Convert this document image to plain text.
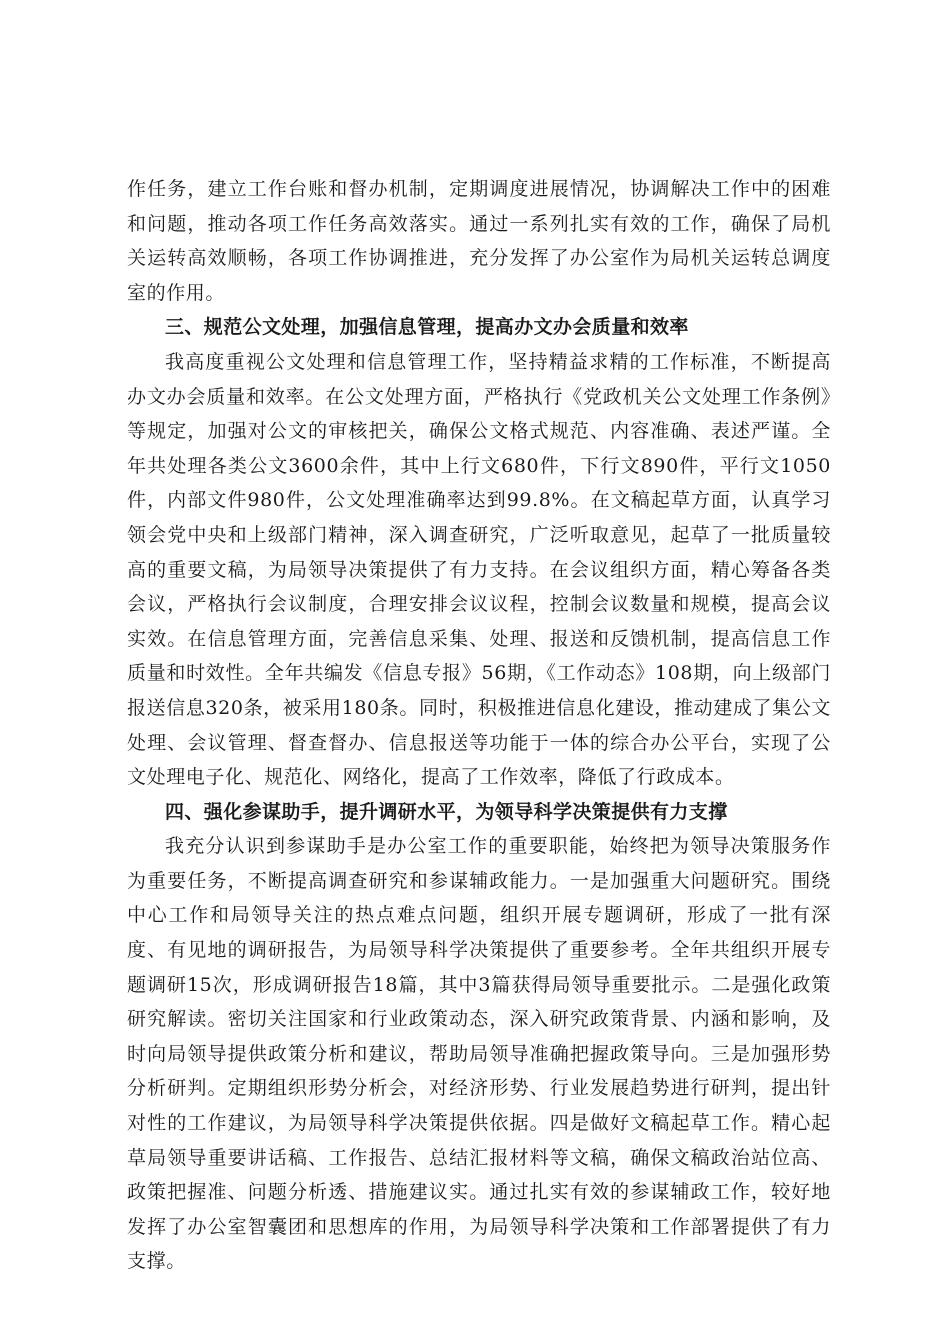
作任务，建立工作台账和督办机制，定期调度进展情况，协调解决工作中的困难和问题，推动各项工作任务高效落实。通过一系列扎实有效的工作，确保了局机关运转高效顺畅，各项工作协调推进，充分发挥了办公室作为局机关运转总调度室的作用。

三、规范公文处理，加强信息管理，提高办文办会质量和效率

我高度重视公文处理和信息管理工作，坚持精益求精的工作标准，不断提高办文办会质量和效率。在公文处理方面，严格执行《党政机关公文处理工作条例》等规定，加强对公文的审核把关，确保公文格式规范、内容准确、表述严谨。全年共处理各类公文3600余件，其中上行文680件，下行文890件，平行文1050件，内部文件980件，公文处理准确率达到99.8%。在文稿起草方面，认真学习领会党中央和上级部门精神，深入调查研究，广泛听取意见，起草了一批质量较高的重要文稿，为局领导决策提供了有力支持。在会议组织方面，精心筹备各类会议，严格执行会议制度，合理安排会议议程，控制会议数量和规模，提高会议实效。在信息管理方面，完善信息采集、处理、报送和反馈机制，提高信息工作质量和时效性。全年共编发《信息专报》56期，《工作动态》108期，向上级部门报送信息320条，被采用180条。同时，积极推进信息化建设，推动建成了集公文处理、会议管理、督查督办、信息报送等功能于一体的综合办公平台，实现了公文处理电子化、规范化、网络化，提高了工作效率，降低了行政成本。

四、强化参谋助手，提升调研水平，为领导科学决策提供有力支撑

我充分认识到参谋助手是办公室工作的重要职能，始终把为领导决策服务作为重要任务，不断提高调查研究和参谋辅政能力。一是加强重大问题研究。围绕中心工作和局领导关注的热点难点问题，组织开展专题调研，形成了一批有深度、有见地的调研报告，为局领导科学决策提供了重要参考。全年共组织开展专题调研15次，形成调研报告18篇，其中3篇获得局领导重要批示。二是强化政策研究解读。密切关注国家和行业政策动态，深入研究政策背景、内涵和影响，及时向局领导提供政策分析和建议，帮助局领导准确把握政策导向。三是加强形势分析研判。定期组织形势分析会，对经济形势、行业发展趋势进行研判，提出针对性的工作建议，为局领导科学决策提供依据。四是做好文稿起草工作。精心起草局领导重要讲话稿、工作报告、总结汇报材料等文稿，确保文稿政治站位高、政策把握准、问题分析透、措施建议实。通过扎实有效的参谋辅政工作，较好地发挥了办公室智囊团和思想库的作用，为局领导科学决策和工作部署提供了有力支撑。
